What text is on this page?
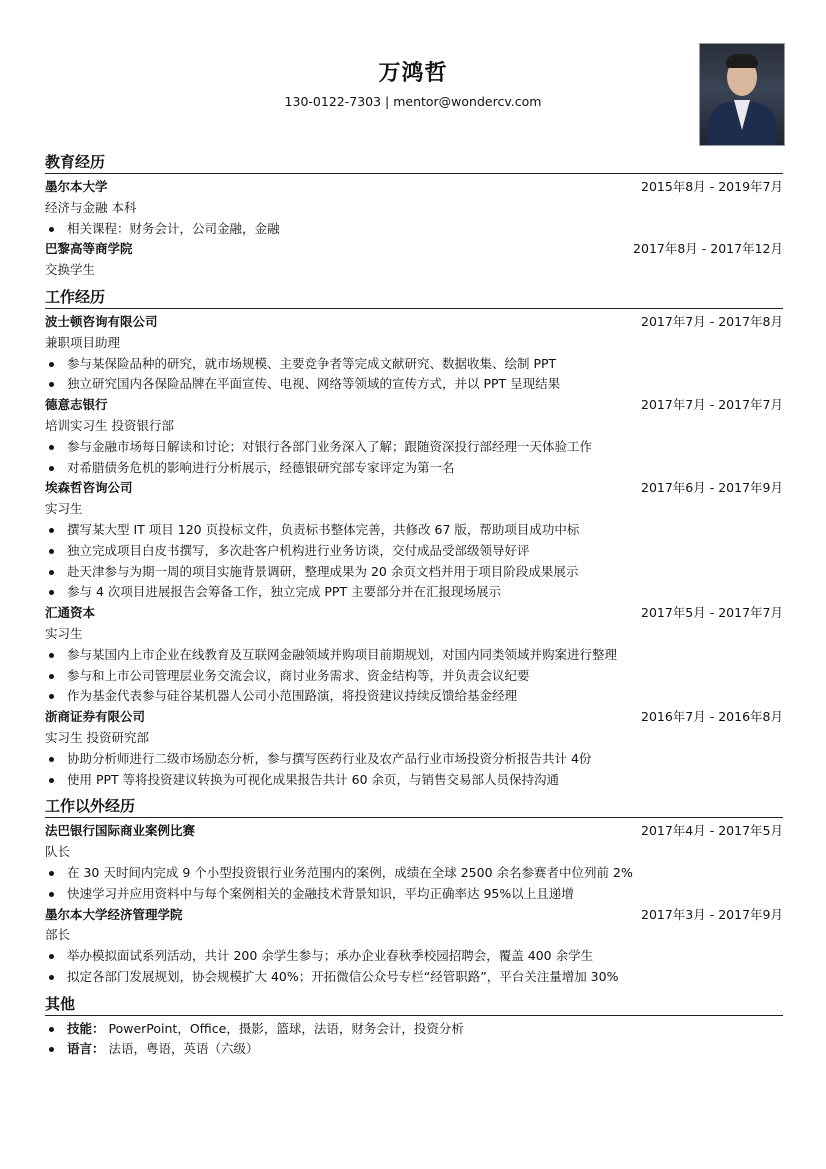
万鸿哲
130-0122-7303 | mentor@wondercv.com
教育经历
墨尔本大学	2015年8月 - 2019年7月
经济与金融 本科
相关课程：财务会计，公司金融，金融
巴黎高等商学院	2017年8月 - 2017年12月
交换学生
工作经历
波士顿咨询有限公司	2017年7月 - 2017年8月
兼职项目助理
参与某保险品种的研究，就市场规模、主要竞争者等完成文献研究、数据收集、绘制 PPT
独立研究国内各保险品牌在平面宣传、电视、网络等领域的宣传方式，并以 PPT 呈现结果
德意志银行	2017年7月 - 2017年7月
培训实习生 投资银行部
参与金融市场每日解读和讨论；对银行各部门业务深入了解；跟随资深投行部经理一天体验工作
对希腊债务危机的影响进行分析展示，经德银研究部专家评定为第一名
埃森哲咨询公司	2017年6月 - 2017年9月
实习生
撰写某大型 IT 项目 120 页投标文件，负责标书整体完善，共修改 67 版，帮助项目成功中标
独立完成项目白皮书撰写，多次赴客户机构进行业务访谈，交付成品受部级领导好评
赴天津参与为期一周的项目实施背景调研，整理成果为 20 余页文档并用于项目阶段成果展示
参与 4 次项目进展报告会筹备工作，独立完成 PPT 主要部分并在汇报现场展示
汇通资本	2017年5月 - 2017年7月
实习生
参与某国内上市企业在线教育及互联网金融领域并购项目前期规划，对国内同类领域并购案进行整理
参与和上市公司管理层业务交流会议，商讨业务需求、资金结构等，并负责会议纪要
作为基金代表参与硅谷某机器人公司小范围路演，将投资建议持续反馈给基金经理
浙商证券有限公司	2016年7月 - 2016年8月
实习生 投资研究部
协助分析师进行二级市场励态分析，参与撰写医药行业及农产品行业市场投资分析报告共计 4份
使用 PPT 等将投资建议转换为可视化成果报告共计 60 余页，与销售交易部人员保持沟通
工作以外经历
法巴银行国际商业案例比赛	2017年4月 - 2017年5月
队长
在 30 天时间内完成 9 个小型投资银行业务范围内的案例，成绩在全球 2500 余名参赛者中位列前 2%
快速学习并应用资料中与每个案例相关的金融技术背景知识，平均正确率达 95%以上且递增
墨尔本大学经济管理学院	2017年3月 - 2017年9月
部长
举办模拟面试系列活动，共计 200 余学生参与；承办企业春秋季校园招聘会，覆盖 400 余学生
拟定各部门发展规划，协会规模扩大 40%；开拓微信公众号专栏“经管职路”，平台关注量增加 30%
其他
技能： PowerPoint，Office，摄影，篮球，法语，财务会计，投资分析
语言： 法语，粤语，英语（六级）
